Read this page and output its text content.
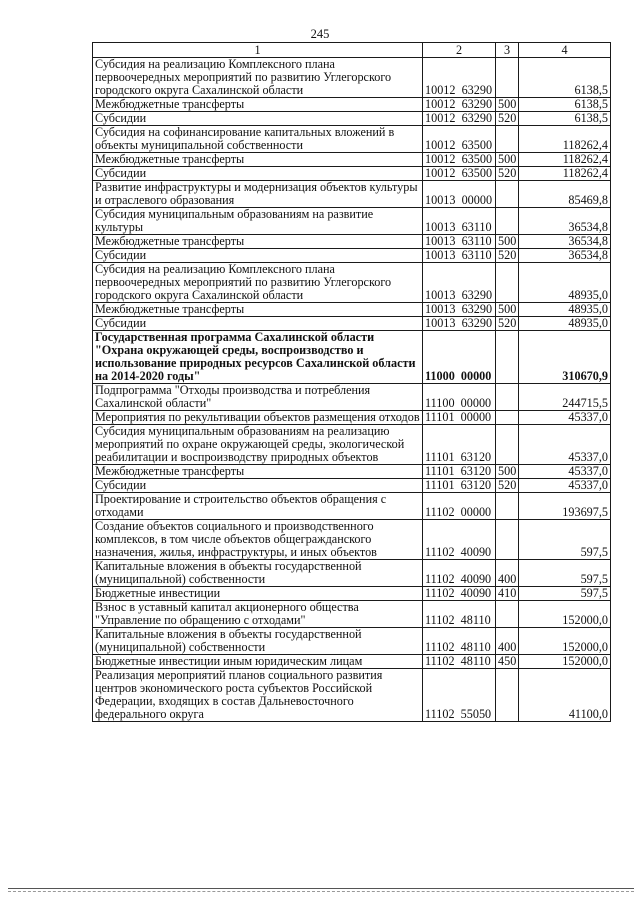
245
1	2	3	4
Субсидия на реализацию Комплексного плана первоочередных мероприятий по развитию Углегорского городского округа Сахалинской области	10012  63290		6138,5
Межбюджетные трансферты	10012  63290	500	6138,5
Субсидии	10012  63290	520	6138,5
Субсидия на софинансирование капитальных вложений в объекты муниципальной собственности	10012  63500		118262,4
Межбюджетные трансферты	10012  63500	500	118262,4
Субсидии	10012  63500	520	118262,4
Развитие инфраструктуры и модернизация объектов культуры и отраслевого образования	10013  00000		85469,8
Субсидия муниципальным образованиям на развитие культуры	10013  63110		36534,8
Межбюджетные трансферты	10013  63110	500	36534,8
Субсидии	10013  63110	520	36534,8
Субсидия на реализацию Комплексного плана первоочередных мероприятий по развитию Углегорского городского округа Сахалинской области	10013  63290		48935,0
Межбюджетные трансферты	10013  63290	500	48935,0
Субсидии	10013  63290	520	48935,0
Государственная программа Сахалинской области "Охрана окружающей среды, воспроизводство и использование природных ресурсов Сахалинской области на 2014-2020 годы"	11000  00000		310670,9
Подпрограмма "Отходы производства и потребления Сахалинской области"	11100  00000		244715,5
Мероприятия по рекультивации объектов размещения отходов	11101  00000		45337,0
Субсидия муниципальным образованиям на реализацию мероприятий по охране окружающей среды, экологической реабилитации и воспроизводству природных объектов	11101  63120		45337,0
Межбюджетные трансферты	11101  63120	500	45337,0
Субсидии	11101  63120	520	45337,0
Проектирование и строительство объектов обращения с отходами	11102  00000		193697,5
Создание объектов социального и производственного комплексов, в том числе объектов общегражданского назначения, жилья, инфраструктуры, и иных объектов	11102  40090		597,5
Капитальные вложения в объекты государственной (муниципальной) собственности	11102  40090	400	597,5
Бюджетные инвестиции	11102  40090	410	597,5
Взнос в уставный капитал акционерного общества "Управление по обращению с отходами"	11102  48110		152000,0
Капитальные вложения в объекты государственной (муниципальной) собственности	11102  48110	400	152000,0
Бюджетные инвестиции иным юридическим лицам	11102  48110	450	152000,0
Реализация мероприятий планов социального развития центров экономического роста субъектов Российской Федерации, входящих в состав Дальневосточного федерального округа	11102  55050		41100,0
